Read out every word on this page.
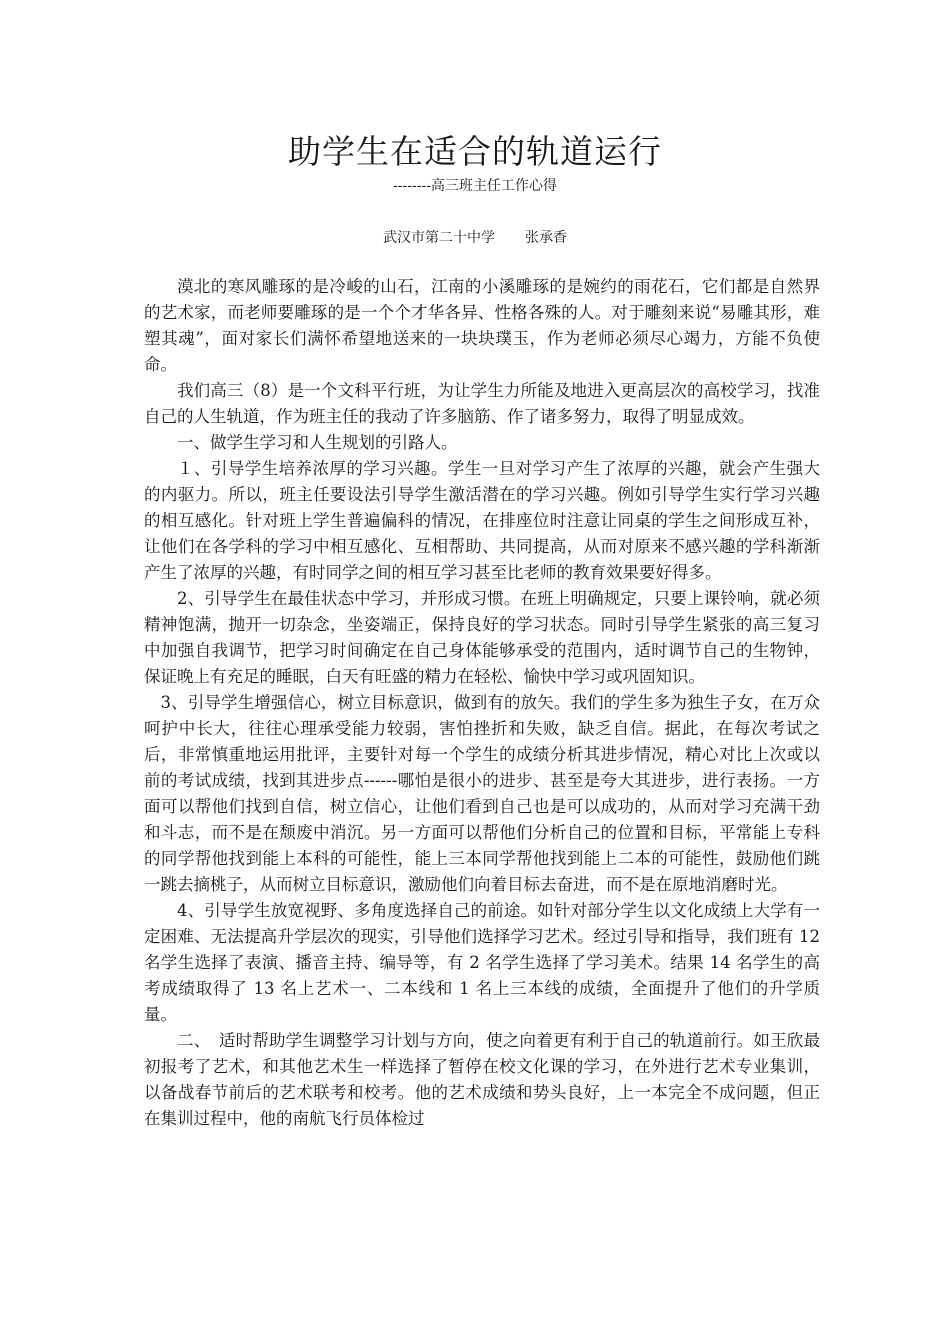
助学生在适合的轨道运行

--------高三班主任工作心得

武汉市第二十中学 张承香

漠北的寒风雕琢的是冷峻的山石，江南的小溪雕琢的是婉约的雨花石，它们都是自然界的艺术家，而老师要雕琢的是一个个才华各异、性格各殊的人。对于雕刻来说“易雕其形，难塑其魂”，面对家长们满怀希望地送来的一块块璞玉，作为老师必须尽心竭力，方能不负使命。

我们高三（8）是一个文科平行班，为让学生力所能及地进入更高层次的高校学习，找准自己的人生轨道，作为班主任的我动了许多脑筋、作了诸多努力，取得了明显成效。

一、做学生学习和人生规划的引路人。

１、引导学生培养浓厚的学习兴趣。学生一旦对学习产生了浓厚的兴趣，就会产生强大的内驱力。所以，班主任要设法引导学生激活潜在的学习兴趣。例如引导学生实行学习兴趣的相互感化。针对班上学生普遍偏科的情况，在排座位时注意让同桌的学生之间形成互补，让他们在各学科的学习中相互感化、互相帮助、共同提高，从而对原来不感兴趣的学科渐渐产生了浓厚的兴趣，有时同学之间的相互学习甚至比老师的教育效果要好得多。

2、引导学生在最佳状态中学习，并形成习惯。在班上明确规定，只要上课铃响，就必须精神饱满，抛开一切杂念，坐姿端正，保持良好的学习状态。同时引导学生紧张的高三复习中加强自我调节，把学习时间确定在自己身体能够承受的范围内，适时调节自己的生物钟，保证晚上有充足的睡眠，白天有旺盛的精力在轻松、愉快中学习或巩固知识。

3、引导学生增强信心，树立目标意识，做到有的放矢。我们的学生多为独生子女，在万众呵护中长大，往往心理承受能力较弱，害怕挫折和失败，缺乏自信。据此，在每次考试之后，非常慎重地运用批评，主要针对每一个学生的成绩分析其进步情况，精心对比上次或以前的考试成绩，找到其进步点------哪怕是很小的进步、甚至是夸大其进步，进行表扬。一方面可以帮他们找到自信，树立信心，让他们看到自己也是可以成功的，从而对学习充满干劲和斗志，而不是在颓废中消沉。另一方面可以帮他们分析自己的位置和目标，平常能上专科的同学帮他找到能上本科的可能性，能上三本同学帮他找到能上二本的可能性，鼓励他们跳一跳去摘桃子，从而树立目标意识，激励他们向着目标去奋进，而不是在原地消磨时光。

4、引导学生放宽视野、多角度选择自己的前途。如针对部分学生以文化成绩上大学有一定困难、无法提高升学层次的现实，引导他们选择学习艺术。经过引导和指导，我们班有 12 名学生选择了表演、播音主持、编导等，有 2 名学生选择了学习美术。结果 14 名学生的高考成绩取得了 13 名上艺术一、二本线和 1 名上三本线的成绩，全面提升了他们的升学质量。

二、　适时帮助学生调整学习计划与方向，使之向着更有利于自己的轨道前行。如王欣最初报考了艺术，和其他艺术生一样选择了暂停在校文化课的学习，在外进行艺术专业集训，以备战春节前后的艺术联考和校考。他的艺术成绩和势头良好，上一本完全不成问题，但正在集训过程中，他的南航飞行员体检过
